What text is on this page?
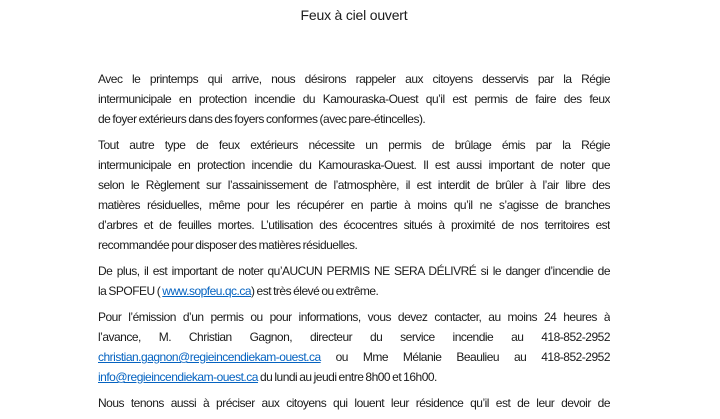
Feux à ciel ouvert

Avec le printemps qui arrive, nous désirons rappeler aux citoyens desservis par la Régie
intermunicipale en protection incendie du Kamouraska-Ouest qu’il est permis de faire des feux
de foyer extérieurs dans des foyers conformes (avec pare-étincelles).

Tout autre type de feux extérieurs nécessite un permis de brûlage émis par la Régie
intermunicipale en protection incendie du Kamouraska-Ouest. Il est aussi important de noter que
selon le Règlement sur l’assainissement de l’atmosphère, il est interdit de brûler à l’air libre des
matières résiduelles, même pour les récupérer en partie à moins qu’il ne s’agisse de branches
d’arbres et de feuilles mortes. L’utilisation des écocentres situés à proximité de nos territoires est
recommandée pour disposer des matières résiduelles.

De plus, il est important de noter qu’AUCUN PERMIS NE SERA DÉLIVRÉ si le danger d’incendie de
la SPOFEU ( www.sopfeu.qc.ca) est très élevé ou extrême.

Pour l’émission d’un permis ou pour informations, vous devez contacter, au moins 24 heures à
l’avance, M. Christian Gagnon, directeur du service incendie au 418-852-2952
christian.gagnon@regieincendiekam-ouest.ca ou Mme Mélanie Beaulieu au 418-852-2952
info@regieincendiekam-ouest.ca du lundi au jeudi entre 8h00 et 16h00.

Nous tenons aussi à préciser aux citoyens qui louent leur résidence qu’il est de leur devoir de
